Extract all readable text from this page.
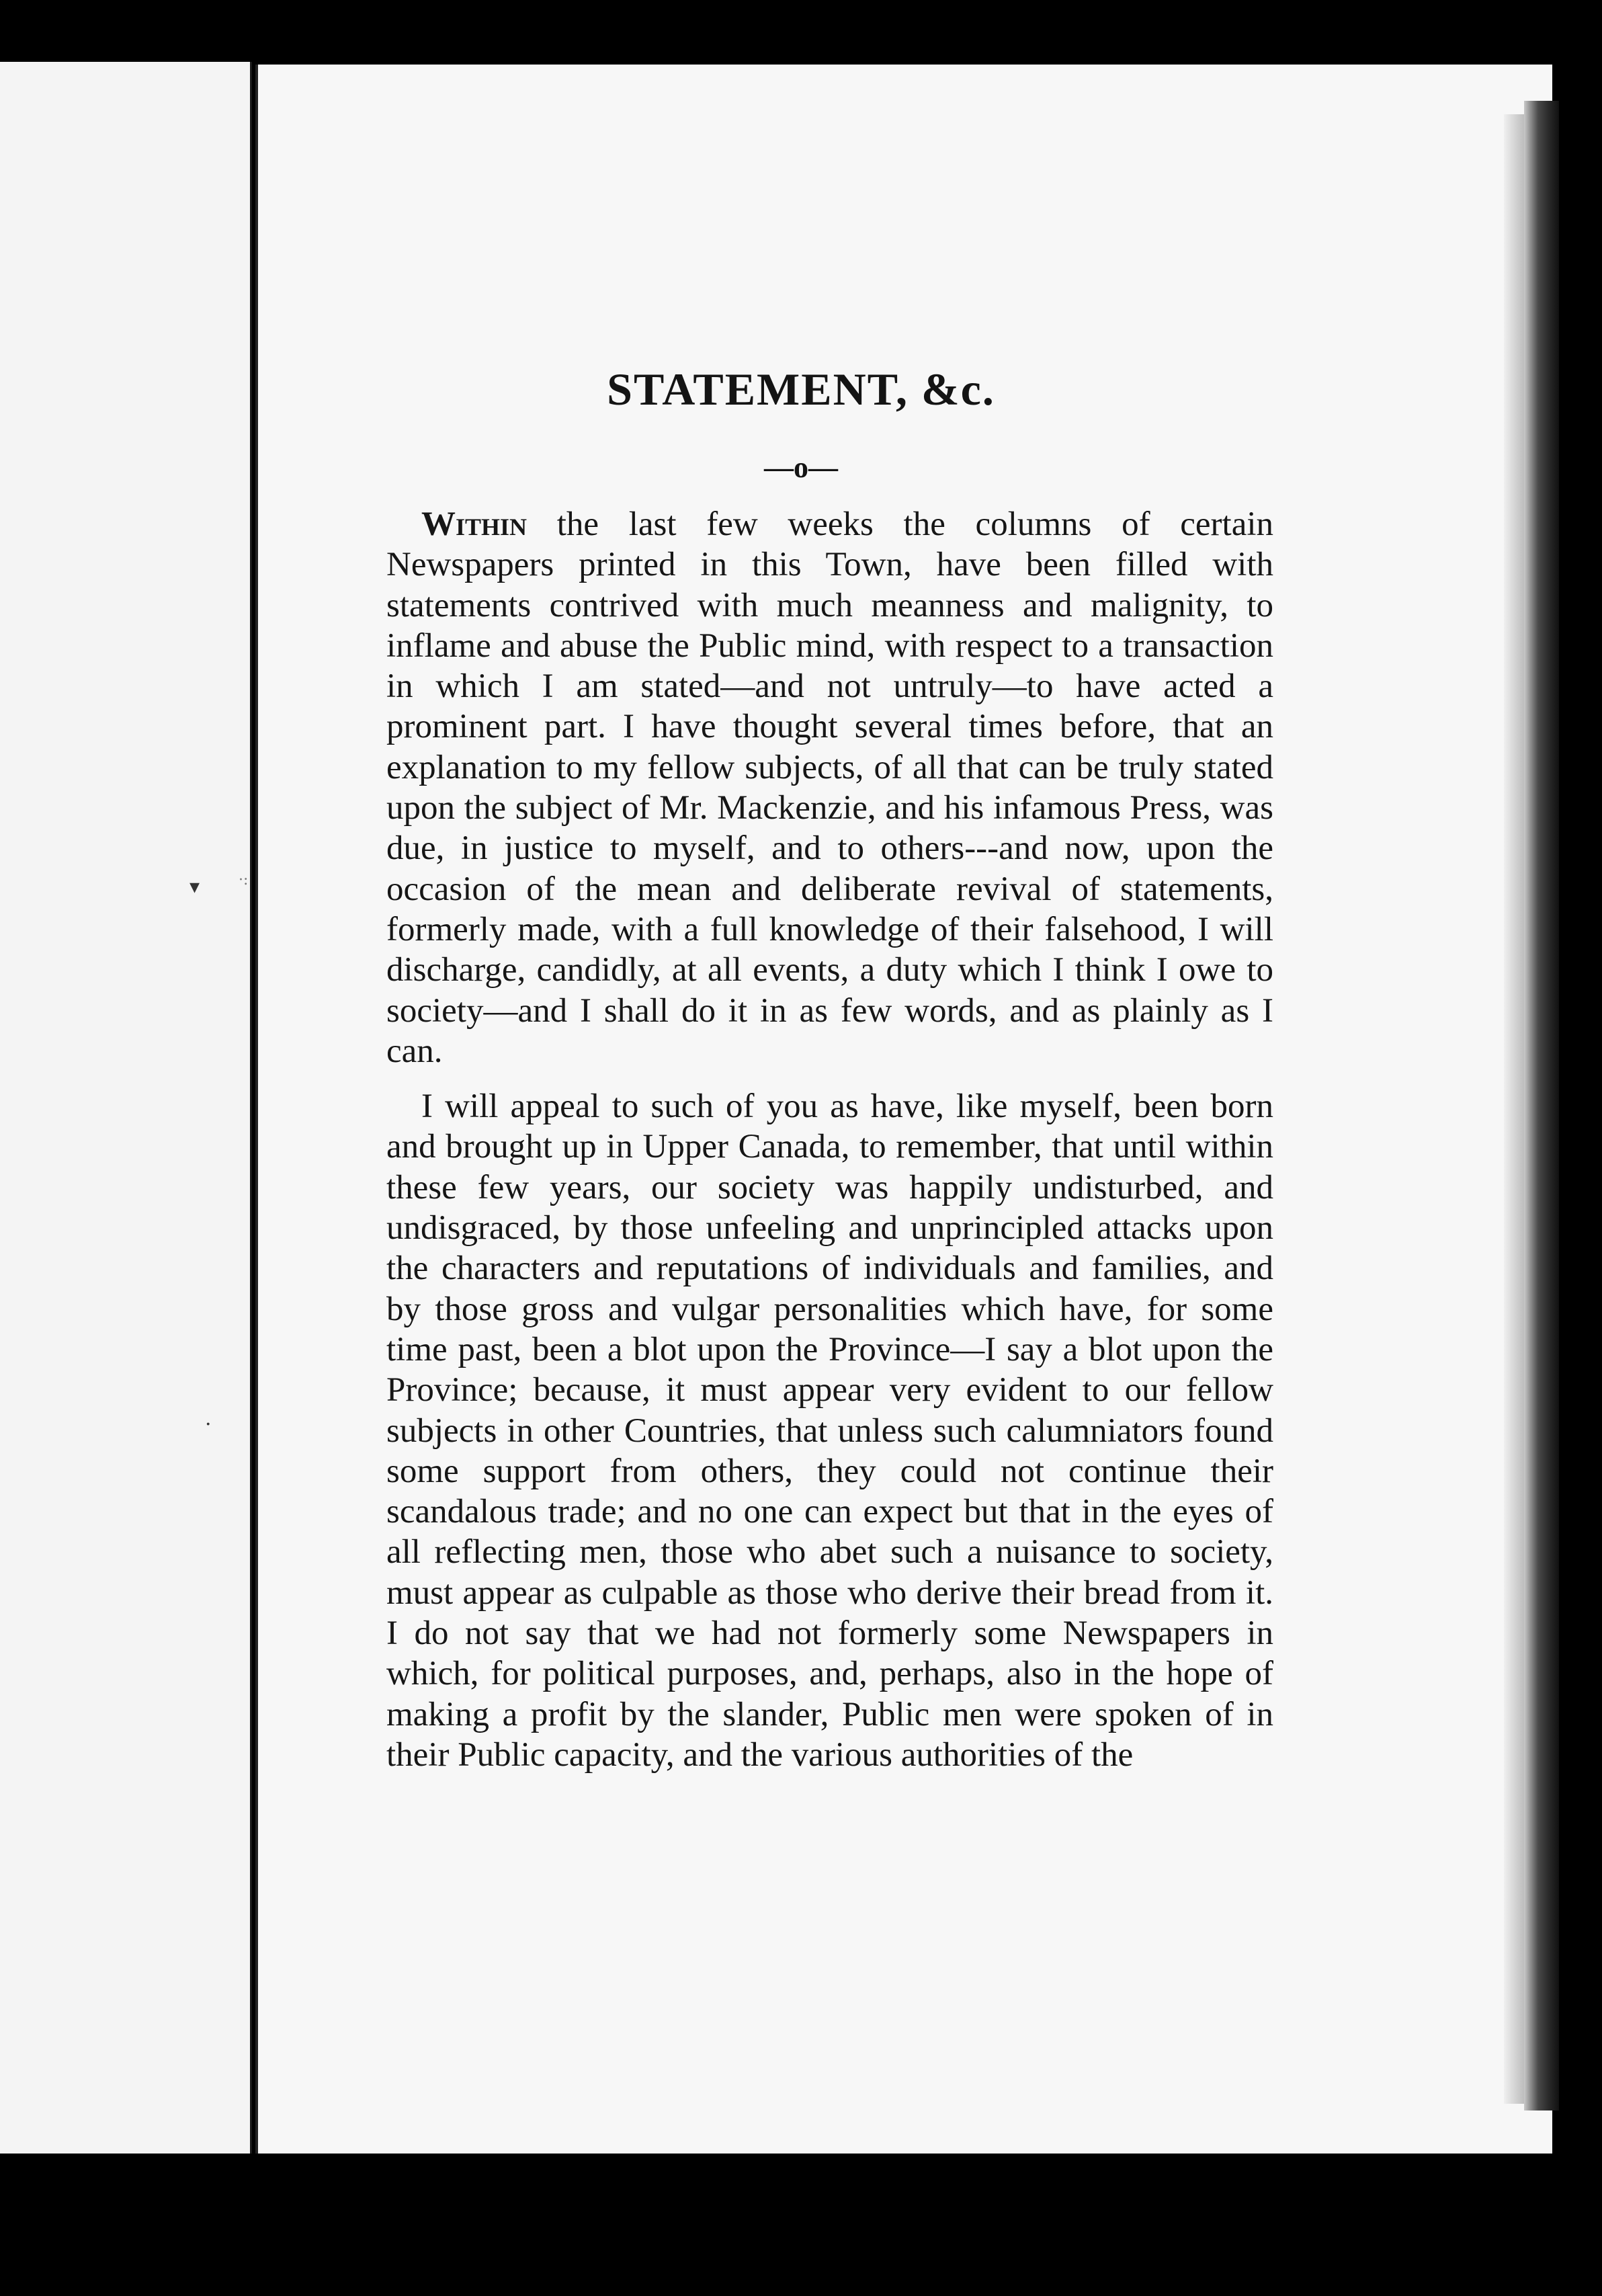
▾	·:
·
STATEMENT, &c.
—o—

Within the last few weeks the columns of certain Newspapers printed in this Town, have been filled with statements contrived with much meanness and malignity, to inflame and abuse the Public mind, with respect to a transaction in which I am stated—and not untruly—to have acted a prominent part. I have thought several times before, that an explanation to my fellow subjects, of all that can be truly stated upon the subject of Mr. Mackenzie, and his infamous Press, was due, in justice to myself, and to others---and now, upon the occasion of the mean and deliberate revival of statements, formerly made, with a full knowledge of their falsehood, I will discharge, candidly, at all events, a duty which I think I owe to society—and I shall do it in as few words, and as plainly as I can.

I will appeal to such of you as have, like myself, been born and brought up in Upper Canada, to remember, that until within these few years, our society was happily undisturbed, and undisgraced, by those unfeeling and unprincipled attacks upon the characters and reputations of individuals and families, and by those gross and vulgar personalities which have, for some time past, been a blot upon the Province—I say a blot upon the Province; because, it must appear very evident to our fellow subjects in other Countries, that unless such calumniators found some support from others, they could not continue their scandalous trade; and no one can expect but that in the eyes of all reflecting men, those who abet such a nuisance to society, must appear as culpable as those who derive their bread from it. I do not say that we had not formerly some Newspapers in which, for political purposes, and, perhaps, also in the hope of making a profit by the slander, Public men were spoken of in their Public capacity, and the various authorities of the
